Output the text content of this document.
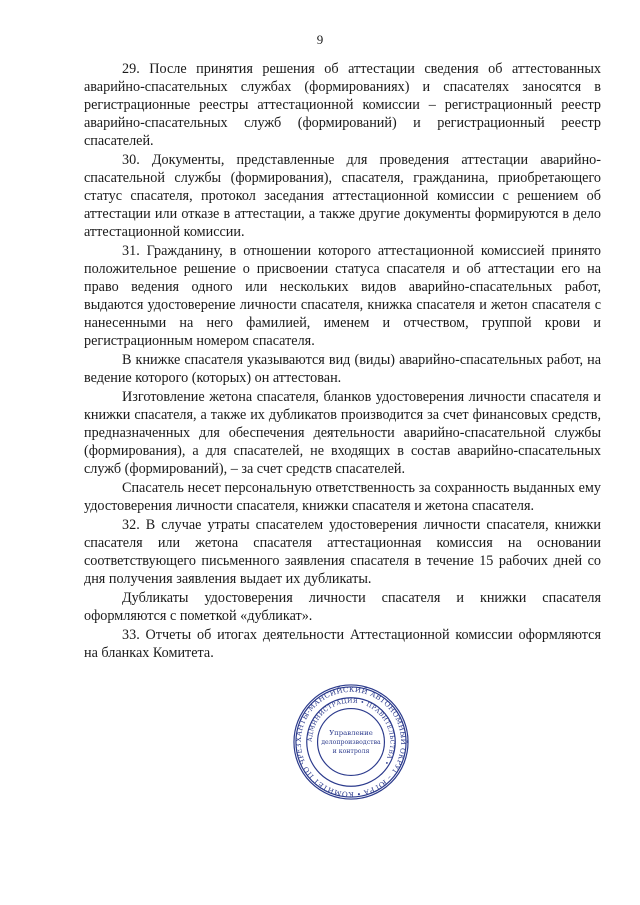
9

29. После принятия решения об аттестации сведения об аттестованных аварийно-спасательных службах (формированиях) и спасателях заносятся в регистрационные реестры аттестационной комиссии – регистрационный реестр аварийно-спасательных служб (формирований) и регистрационный реестр спасателей.

30. Документы, представленные для проведения аттестации аварийно-спасательной службы (формирования), спасателя, гражданина, приобретающего статус спасателя, протокол заседания аттестационной комиссии с решением об аттестации или отказе в аттестации, а также другие документы формируются в дело аттестационной комиссии.

31. Гражданину, в отношении которого аттестационной комиссией принято положительное решение о присвоении статуса спасателя и об аттестации его на право ведения одного или нескольких видов аварийно-спасательных работ, выдаются удостоверение личности спасателя, книжка спасателя и жетон спасателя с нанесенными на него фамилией, именем и отчеством, группой крови и регистрационным номером спасателя.

В книжке спасателя указываются вид (виды) аварийно-спасательных работ, на ведение которого (которых) он аттестован.

Изготовление жетона спасателя, бланков удостоверения личности спасателя и книжки спасателя, а также их дубликатов производится за счет финансовых средств, предназначенных для обеспечения деятельности аварийно-спасательной службы (формирования), а для спасателей, не входящих в состав аварийно-спасательных служб (формирований), – за счет средств спасателей.

Спасатель несет персональную ответственность за сохранность выданных ему удостоверения личности спасателя, книжки спасателя и жетона спасателя.

32. В случае утраты спасателем удостоверения личности спасателя, книжки спасателя или жетона спасателя аттестационная комиссия на основании соответствующего письменного заявления спасателя в течение 15 рабочих дней со дня получения заявления выдает их дубликаты.

Дубликаты удостоверения личности спасателя и книжки спасателя оформляются с пометкой «дубликат».

33. Отчеты об итогах деятельности Аттестационной комиссии оформляются на бланках Комитета.

ХАНТЫ-МАНСИЙСКИЙ АВТОНОМНЫЙ ОКРУГ – ЮГРА • КОМИТЕТ ПО ЧРЕЗ
АДМИНИСТРАЦИЯ • ПРАВИТЕЛЬСТВА •
Управление
делопроизводства
и контроля
